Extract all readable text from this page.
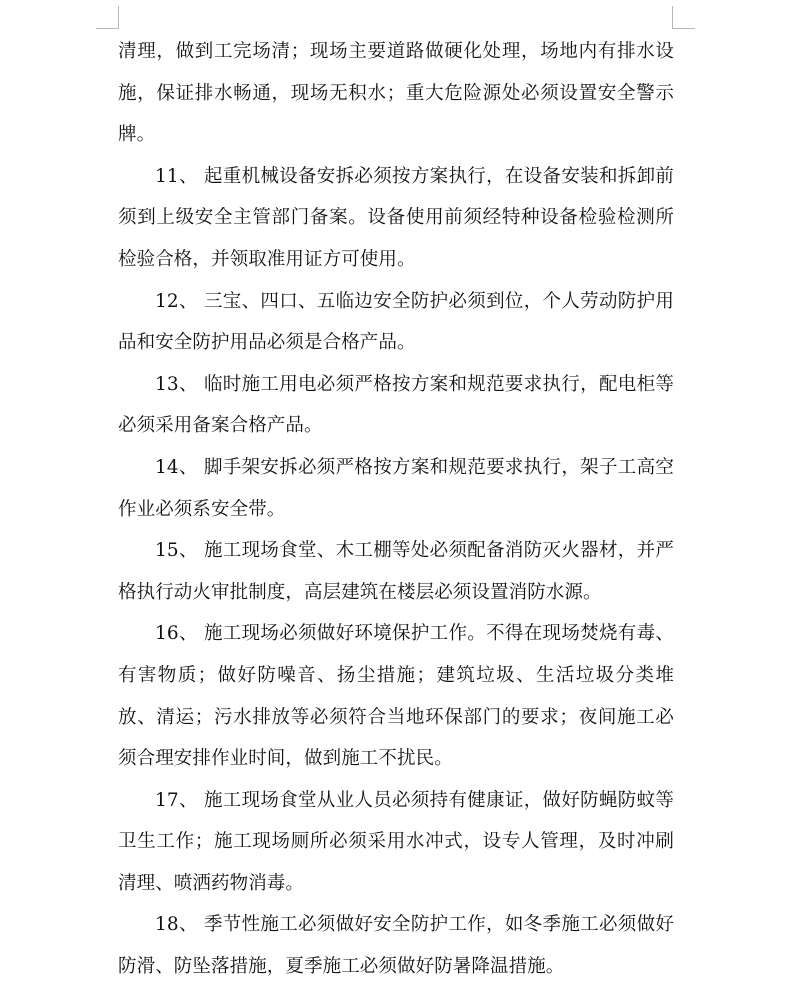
清理，做到工完场清；现场主要道路做硬化处理，场地内有排水设施，保证排水畅通，现场无积水；重大危险源处必须设置安全警示牌。

11、 起重机械设备安拆必须按方案执行，在设备安装和拆卸前须到上级安全主管部门备案。设备使用前须经特种设备检验检测所检验合格，并领取准用证方可使用。

12、 三宝、四口、五临边安全防护必须到位，个人劳动防护用品和安全防护用品必须是合格产品。

13、 临时施工用电必须严格按方案和规范要求执行，配电柜等必须采用备案合格产品。

14、 脚手架安拆必须严格按方案和规范要求执行，架子工高空作业必须系安全带。

15、 施工现场食堂、木工棚等处必须配备消防灭火器材，并严格执行动火审批制度，高层建筑在楼层必须设置消防水源。

16、 施工现场必须做好环境保护工作。不得在现场焚烧有毒、有害物质；做好防噪音、扬尘措施；建筑垃圾、生活垃圾分类堆放、清运；污水排放等必须符合当地环保部门的要求；夜间施工必须合理安排作业时间，做到施工不扰民。

17、 施工现场食堂从业人员必须持有健康证，做好防蝇防蚊等卫生工作；施工现场厕所必须采用水冲式，设专人管理，及时冲刷清理、喷洒药物消毒。

18、 季节性施工必须做好安全防护工作，如冬季施工必须做好防滑、防坠落措施，夏季施工必须做好防暑降温措施。
